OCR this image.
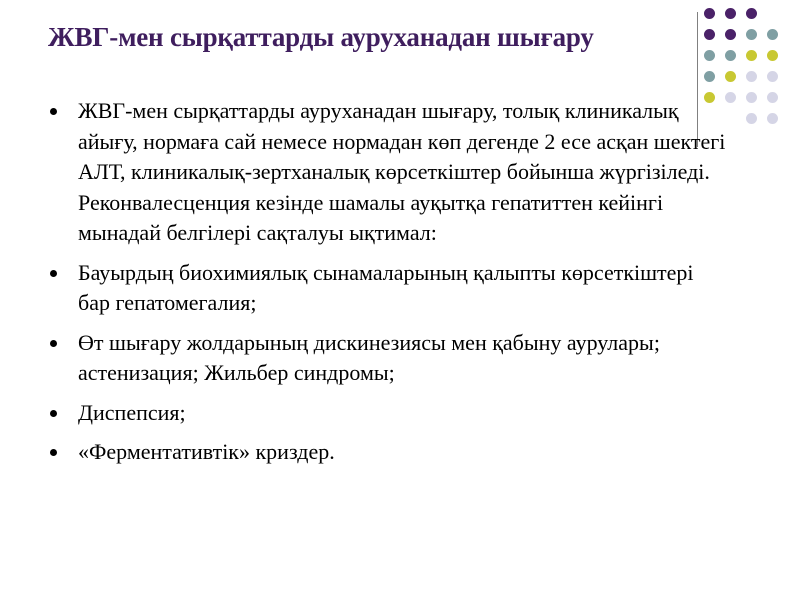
ЖВГ-мен сырқаттарды ауруханадан шығару
ЖВГ-мен сырқаттарды ауруханадан шығару, толық клиникалық айығу, нормаға сай немесе нормадан көп дегенде 2 есе асқан шектегі АЛТ, клиникалық-зертханалық көрсеткіштер бойынша жүргізіледі. Реконвалесценция кезінде шамалы ауқытқа гепатиттен кейінгі мынадай белгілері сақталуы ықтимал:
Бауырдың биохимиялық сынамаларының қалыпты көрсеткіштері бар гепатомегалия;
Өт шығару жолдарының дискинезиясы мен қабыну аурулары; астенизация; Жильбер синдромы;
Диспепсия;
«Ферментативтік» криздер.
